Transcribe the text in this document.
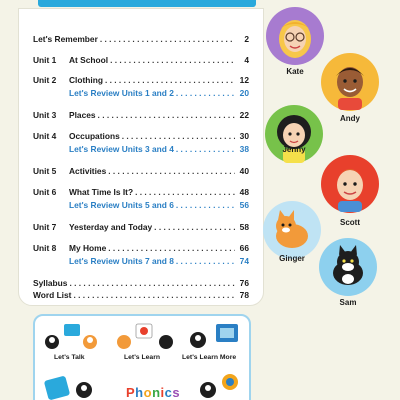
Let's Remember . . .	2
Unit 1	At School . . .	4
Unit 2	Clothing . . .	12
Let's Review Units 1 and 2 . . .	20
Unit 3	Places . . .	22
Unit 4	Occupations . . .	30
Let's Review Units 3 and 4 . . .	38
Unit 5	Activities . . .	40
Unit 6	What Time Is It? . . .	48
Let's Review Units 5 and 6 . . .	56
Unit 7	Yesterday and Today . . .	58
Unit 8	My Home . . .	66
Let's Review Units 7 and 8 . . .	74
Syllabus . . .	76
Word List . . .	78
Kate
Andy
Jenny
Scott
Ginger
Sam
Let's Talk	Let's Learn	Let's Learn More
Phonics
